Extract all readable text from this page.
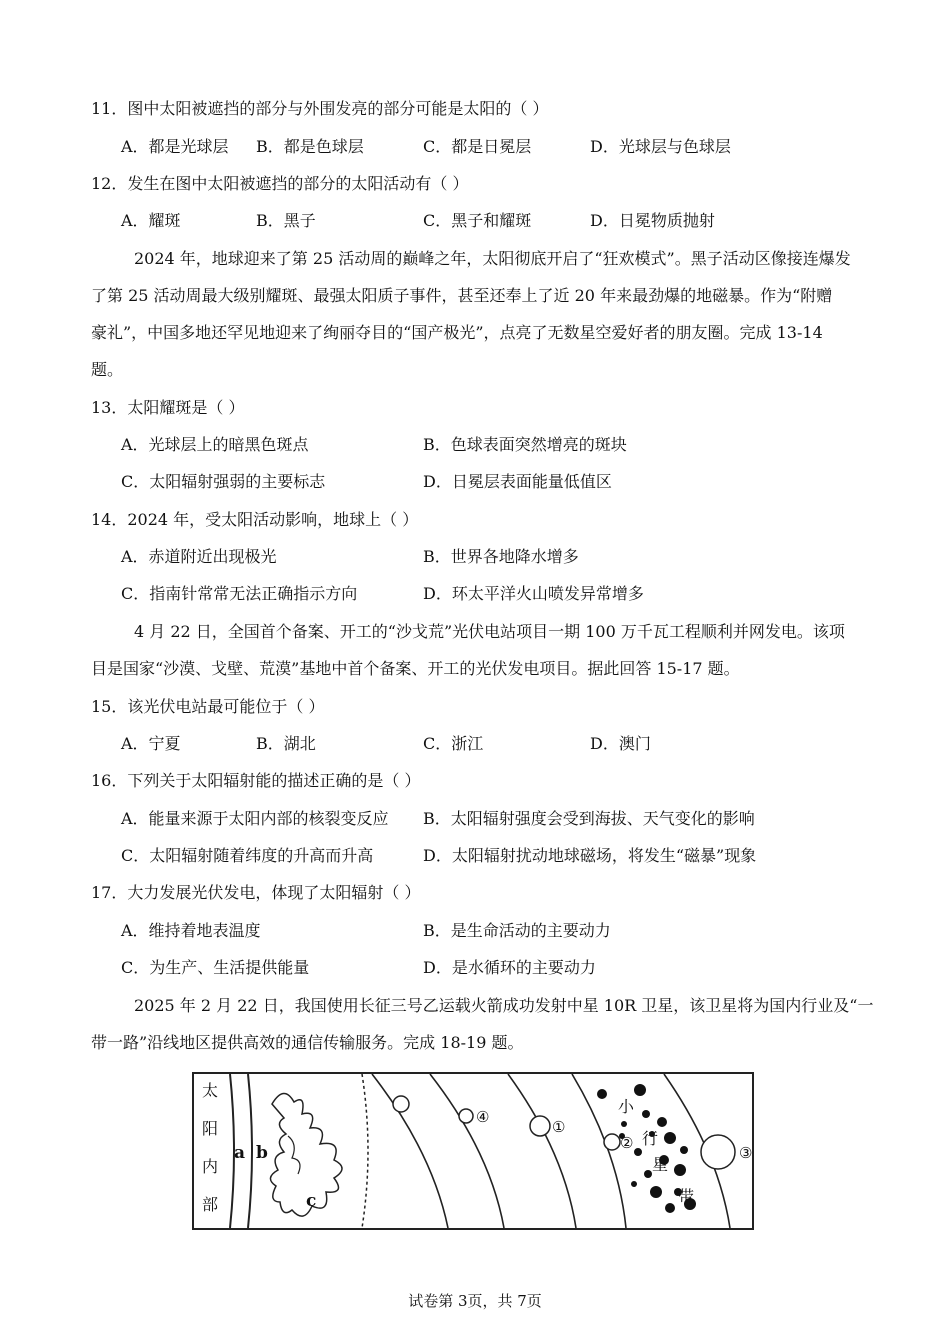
11．图中太阳被遮挡的部分与外围发亮的部分可能是太阳的（ ）
A．都是光球层 B．都是色球层	C．都是日冕层	D．光球层与色球层
12．发生在图中太阳被遮挡的部分的太阳活动有（ ）
A．耀斑	B．黑子	C．黑子和耀斑	D．日冕物质抛射
2024 年，地球迎来了第 25 活动周的巅峰之年，太阳彻底开启了“狂欢模式”。黑子活动区像接连爆发
了第 25 活动周最大级别耀斑、最强太阳质子事件，甚至还奉上了近 20 年来最劲爆的地磁暴。作为“附赠
豪礼”，中国多地还罕见地迎来了绚丽夺目的“国产极光”，点亮了无数星空爱好者的朋友圈。完成 13-14
题。
13．太阳耀斑是（ ）
A．光球层上的暗黑色斑点	B．色球表面突然增亮的斑块
C．太阳辐射强弱的主要标志	D．日冕层表面能量低值区
14．2024 年，受太阳活动影响，地球上（ ）
A．赤道附近出现极光	B．世界各地降水增多
C．指南针常常无法正确指示方向	D．环太平洋火山喷发异常增多
4 月 22 日，全国首个备案、开工的“沙戈荒”光伏电站项目一期 100 万千瓦工程顺利并网发电。该项
目是国家“沙漠、戈壁、荒漠”基地中首个备案、开工的光伏发电项目。据此回答 15-17 题。
15．该光伏电站最可能位于（ ）
A．宁夏	B．湖北	C．浙江	D．澳门
16．下列关于太阳辐射能的描述正确的是（ ）
A．能量来源于太阳内部的核裂变反应 B．太阳辐射强度会受到海拔、天气变化的影响
C．太阳辐射随着纬度的升高而升高	D．太阳辐射扰动地球磁场，将发生“磁暴”现象
17．大力发展光伏发电，体现了太阳辐射（ ）
A．维持着地表温度	B．是生命活动的主要动力
C．为生产、生活提供能量	D．是水循环的主要动力
2025 年 2 月 22 日，我国使用长征三号乙运载火箭成功发射中星 10R 卫星，该卫星将为国内行业及“一
带一路”沿线地区提供高效的通信传输服务。完成 18-19 题。
太
阳
内
部
a b
c
④
①
②
③
小
行
星
带
试卷第 3页，共 7页
